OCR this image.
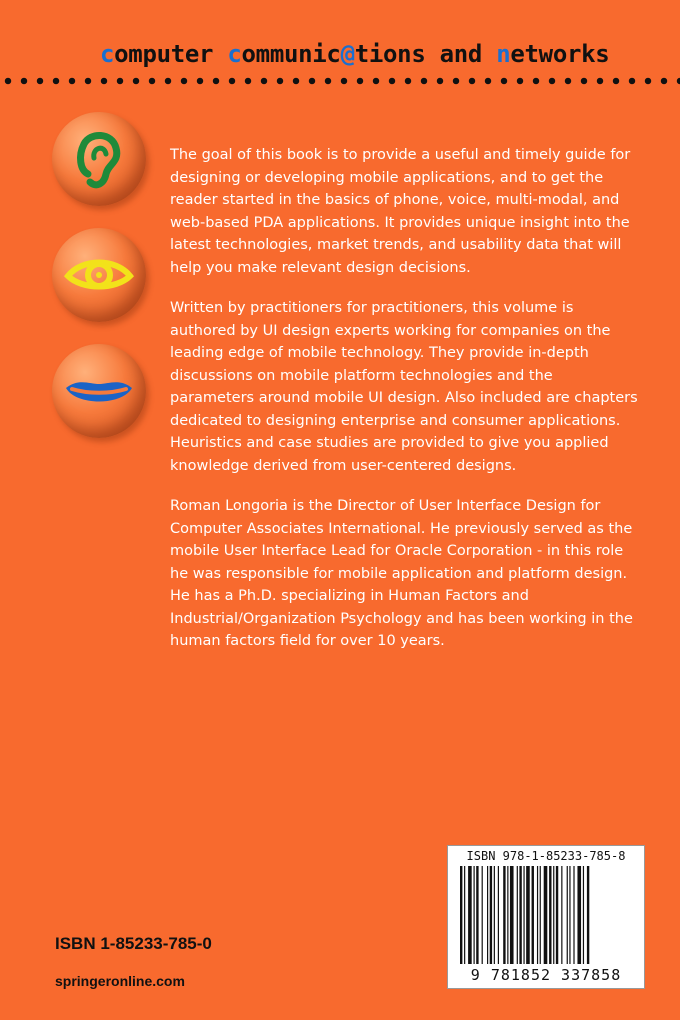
computer communic@tions and networks

The goal of this book is to provide a useful and timely guide for designing or developing mobile applications, and to get the reader started in the basics of phone, voice, multi-modal, and web-based PDA applications. It provides unique insight into the latest technologies, market trends, and usability data that will help you make relevant design decisions.

Written by practitioners for practitioners, this volume is authored by UI design experts working for companies on the leading edge of mobile technology. They provide in-depth discussions on mobile platform technologies and the parameters around mobile UI design. Also included are chapters dedicated to designing enterprise and consumer applications. Heuristics and case studies are provided to give you applied knowledge derived from user-centered designs.

Roman Longoria is the Director of User Interface Design for Computer Associates International. He previously served as the mobile User Interface Lead for Oracle Corporation - in this role he was responsible for mobile application and platform design. He has a Ph.D. specializing in Human Factors and Industrial/Organization Psychology and has been working in the human factors field for over 10 years.

ISBN 1-85233-785-0
springeronline.com
ISBN 978-1-85233-785-8
9 781852 337858
